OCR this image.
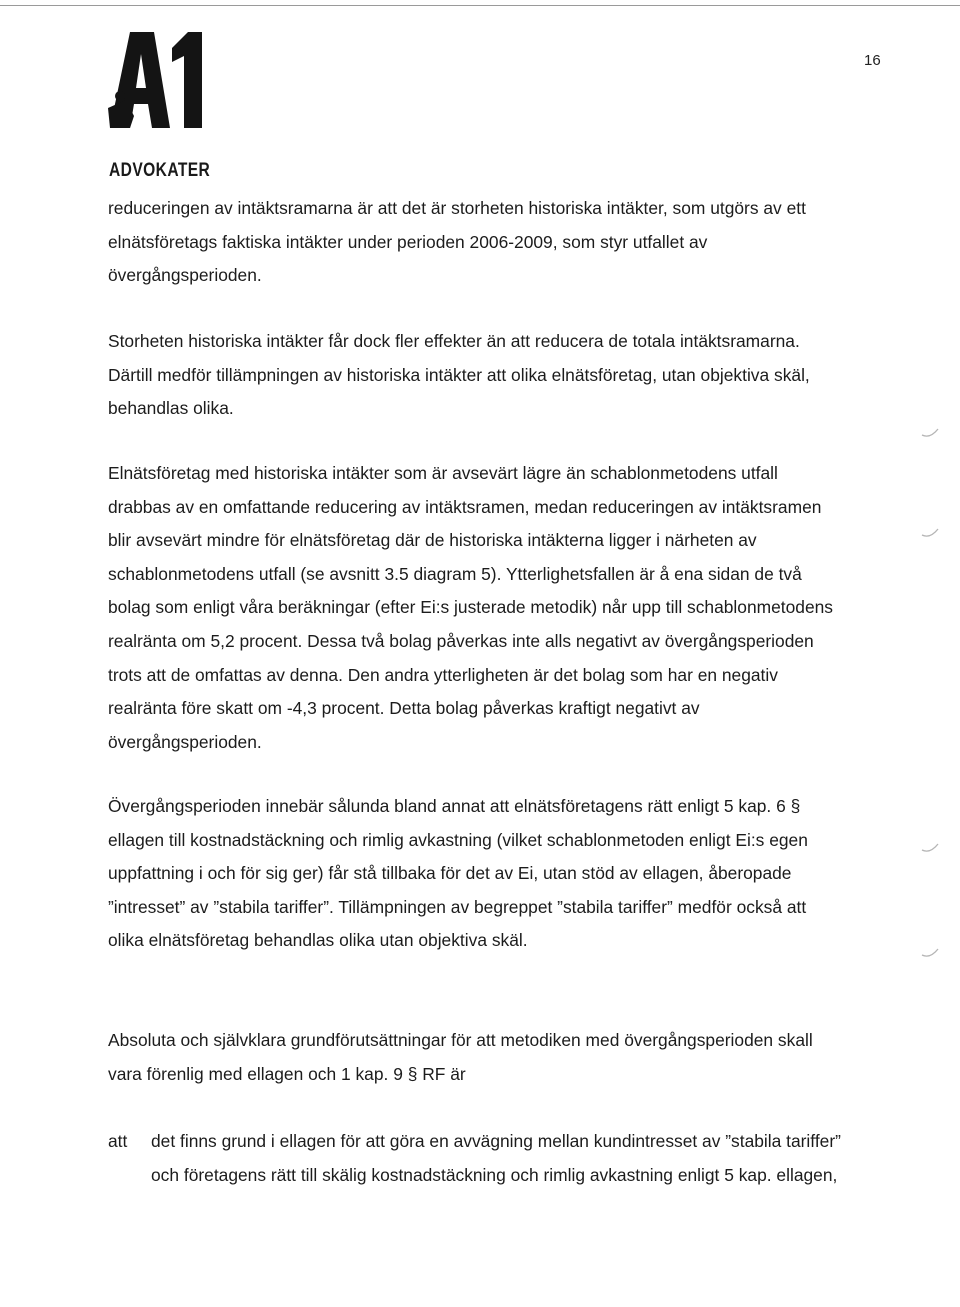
ADVOKATER
16

reduceringen av intäktsramarna är att det är storheten historiska intäkter, som utgörs av ett elnätsföretags faktiska intäkter under perioden 2006-2009, som styr utfallet av övergångsperioden.

Storheten historiska intäkter får dock fler effekter än att reducera de totala intäktsramarna. Därtill medför tillämpningen av historiska intäkter att olika elnätsföretag, utan objektiva skäl, behandlas olika.

Elnätsföretag med historiska intäkter som är avsevärt lägre än schablonmetodens utfall drabbas av en omfattande reducering av intäktsramen, medan reduceringen av intäktsramen blir avsevärt mindre för elnätsföretag där de historiska intäkterna ligger i närheten av schablonmetodens utfall (se avsnitt 3.5 diagram 5). Ytterlighetsfallen är å ena sidan de två bolag som enligt våra beräkningar (efter Ei:s justerade metodik) når upp till schablonmetodens realränta om 5,2 procent. Dessa två bolag påverkas inte alls negativt av övergångsperioden trots att de omfattas av denna. Den andra ytterligheten är det bolag som har en negativ realränta före skatt om -4,3 procent. Detta bolag påverkas kraftigt negativt av övergångsperioden.

Övergångsperioden innebär sålunda bland annat att elnätsföretagens rätt enligt 5 kap. 6 § ellagen till kostnadstäckning och rimlig avkastning (vilket schablonmetoden enligt Ei:s egen uppfattning i och för sig ger) får stå tillbaka för det av Ei, utan stöd av ellagen, åberopade ”intresset” av ”stabila tariffer”. Tillämpningen av begreppet ”stabila tariffer” medför också att olika elnätsföretag behandlas olika utan objektiva skäl.

Absoluta och självklara grundförutsättningar för att metodiken med övergångsperioden skall vara förenlig med ellagen och 1 kap. 9 § RF är

att det finns grund i ellagen för att göra en avvägning mellan kundintresset av ”stabila tariffer” och företagens rätt till skälig kostnadstäckning och rimlig avkastning enligt 5 kap. ellagen,
